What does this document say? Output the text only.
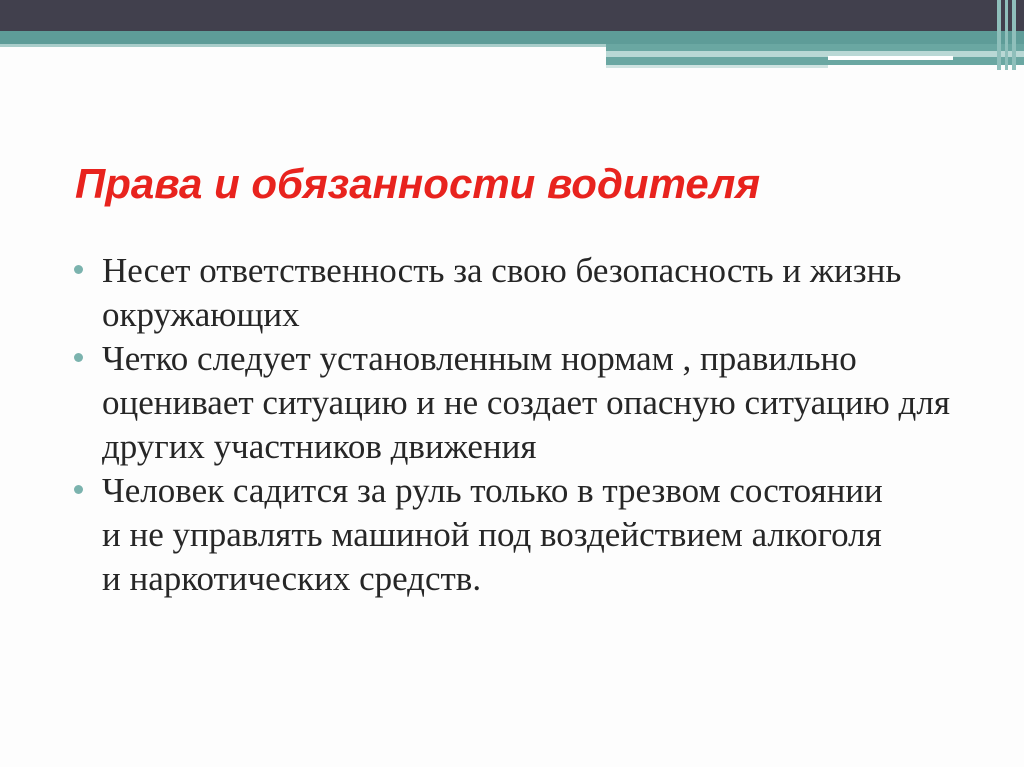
Права и обязанности водителя
Несет ответственность за свою безопасность и жизнь окружающих
Четко следует установленным нормам , правильно оценивает ситуацию и не создает опасную ситуацию для других участников движения
Человек садится за руль только в трезвом состоянии и не управлять машиной под воздействием алкоголя и наркотических средств.
